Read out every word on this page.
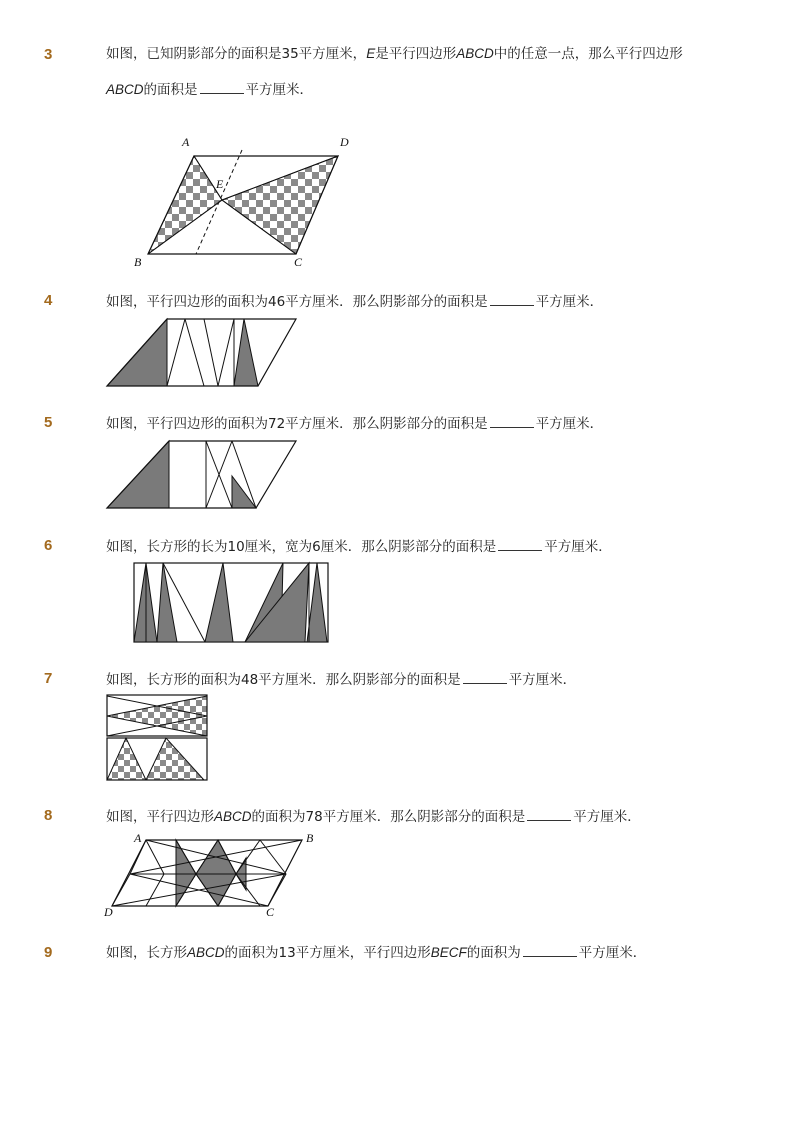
3	如图，已知阴影部分的面积是35平方厘米，E是平行四边形ABCD中的任意一点，那么平行四边形
ABCD的面积是	平方厘米．
A	D
B	C
E
4	如图，平行四边形的面积为46平方厘米．那么阴影部分的面积是	平方厘米．
5	如图，平行四边形的面积为72平方厘米．那么阴影部分的面积是	平方厘米．
6	如图，长方形的长为10厘米，宽为6厘米．那么阴影部分的面积是	平方厘米．
7	如图，长方形的面积为48平方厘米．那么阴影部分的面积是	平方厘米．
8	如图，平行四边形ABCD的面积为78平方厘米．那么阴影部分的面积是	平方厘米．
A	B
C
D
9	如图，长方形ABCD的面积为13平方厘米，平行四边形BECF的面积为	平方厘米．
